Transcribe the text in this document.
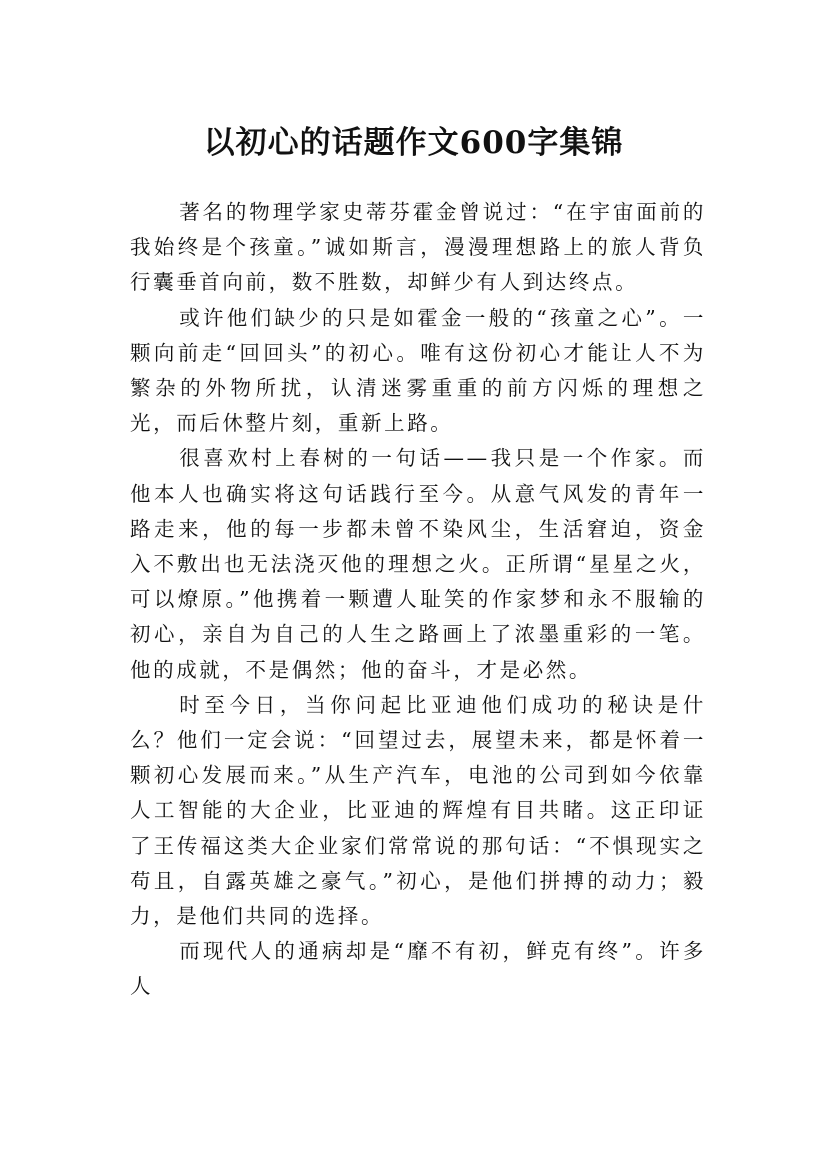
以初心的话题作文600字集锦

著名的物理学家史蒂芬霍金曾说过：“在宇宙面前的我始终是个孩童。”诚如斯言，漫漫理想路上的旅人背负行囊垂首向前，数不胜数，却鲜少有人到达终点。

或许他们缺少的只是如霍金一般的“孩童之心”。一颗向前走“回回头”的初心。唯有这份初心才能让人不为繁杂的外物所扰，认清迷雾重重的前方闪烁的理想之光，而后休整片刻，重新上路。

很喜欢村上春树的一句话——我只是一个作家。而他本人也确实将这句话践行至今。从意气风发的青年一路走来，他的每一步都未曾不染风尘，生活窘迫，资金入不敷出也无法浇灭他的理想之火。正所谓“星星之火，可以燎原。”他携着一颗遭人耻笑的作家梦和永不服输的初心，亲自为自己的人生之路画上了浓墨重彩的一笔。他的成就，不是偶然；他的奋斗，才是必然。

时至今日，当你问起比亚迪他们成功的秘诀是什么？他们一定会说：“回望过去，展望未来，都是怀着一颗初心发展而来。”从生产汽车，电池的公司到如今依靠人工智能的大企业，比亚迪的辉煌有目共睹。这正印证了王传福这类大企业家们常常说的那句话：“不惧现实之苟且，自露英雄之豪气。”初心，是他们拼搏的动力；毅力，是他们共同的选择。

而现代人的通病却是“靡不有初，鲜克有终”。许多人
